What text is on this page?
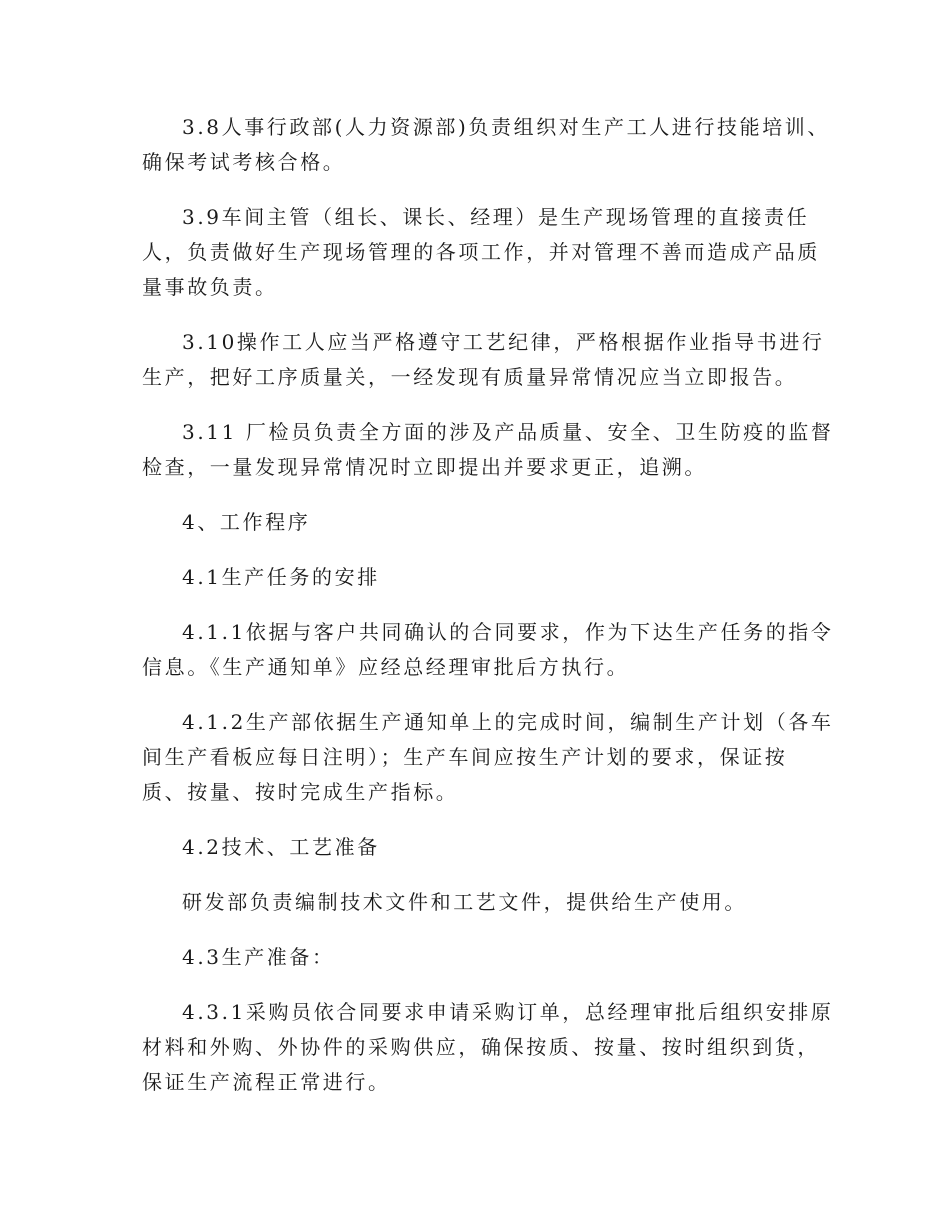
3.8人事行政部(人力资源部)负责组织对生产工人进行技能培训、
确保考试考核合格。

3.9车间主管（组长、课长、经理）是生产现场管理的直接责任
人，负责做好生产现场管理的各项工作，并对管理不善而造成产品质
量事故负责。

3.10操作工人应当严格遵守工艺纪律，严格根据作业指导书进行
生产，把好工序质量关，一经发现有质量异常情况应当立即报告。

3.11 厂检员负责全方面的涉及产品质量、安全、卫生防疫的监督
检查，一量发现异常情况时立即提出并要求更正，追溯。

4、工作程序

4.1生产任务的安排

4.1.1依据与客户共同确认的合同要求，作为下达生产任务的指令
信息。《生产通知单》应经总经理审批后方执行。

4.1.2生产部依据生产通知单上的完成时间，编制生产计划（各车
间生产看板应每日注明）；生产车间应按生产计划的要求，保证按
质、按量、按时完成生产指标。

4.2技术、工艺准备

研发部负责编制技术文件和工艺文件，提供给生产使用。

4.3生产准备：

4.3.1采购员依合同要求申请采购订单，总经理审批后组织安排原
材料和外购、外协件的采购供应，确保按质、按量、按时组织到货，
保证生产流程正常进行。
